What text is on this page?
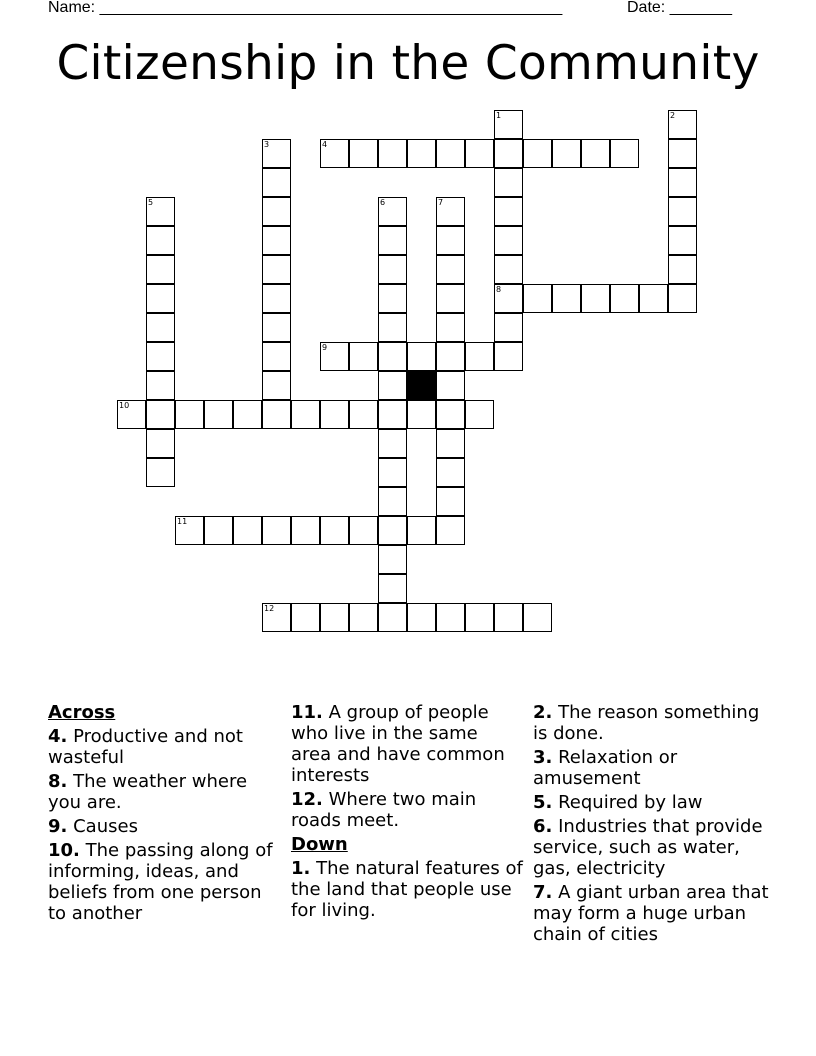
Name: ____________________________________________________	Date: _______
Citizenship in the Community
1
8
2
3	4
5	6	7
9
10
11
12
Across
4. Productive and not wasteful
8. The weather where you are.
9. Causes
10. The passing along of informing, ideas, and beliefs from one person to another
11. A group of people who live in the same area and have common interests
12. Where two main roads meet.
Down
1. The natural features of the land that people use for living.
2. The reason something is done.
3. Relaxation or amusement
5. Required by law
6. Industries that provide service, such as water, gas, electricity
7. A giant urban area that may form a huge urban chain of cities
